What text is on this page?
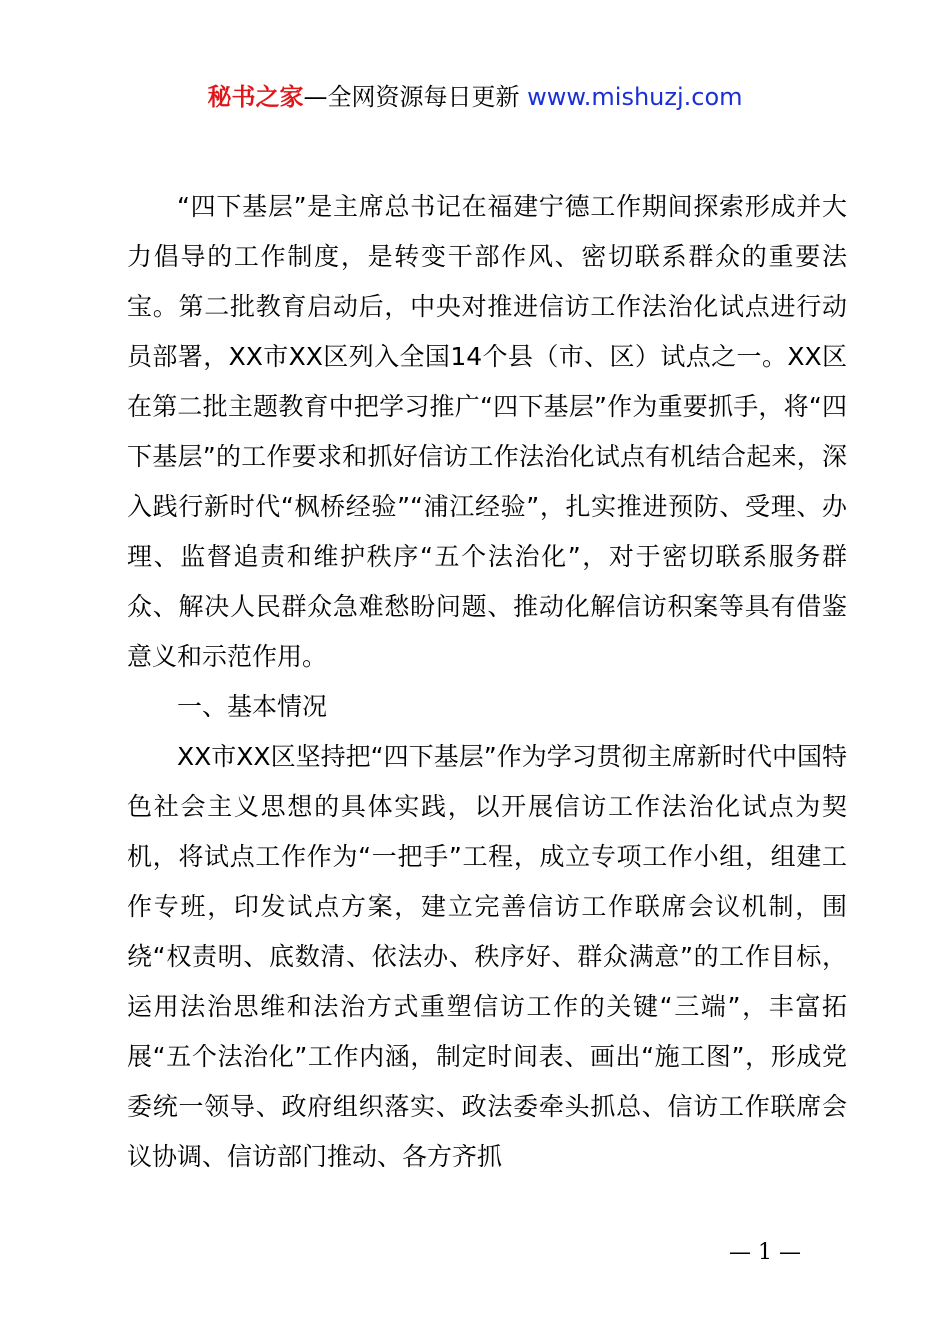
秘书之家—全网资源每日更新 www.mishuzj.com

“四下基层”是主席总书记在福建宁德工作期间探索形成并大力倡导的工作制度，是转变干部作风、密切联系群众的重要法宝。第二批教育启动后，中央对推进信访工作法治化试点进行动员部署，XX市XX区列入全国14个县（市、区）试点之一。XX区在第二批主题教育中把学习推广“四下基层”作为重要抓手，将“四下基层”的工作要求和抓好信访工作法治化试点有机结合起来，深入践行新时代“枫桥经验”“浦江经验”，扎实推进预防、受理、办理、监督追责和维护秩序“五个法治化”，对于密切联系服务群众、解决人民群众急难愁盼问题、推动化解信访积案等具有借鉴意义和示范作用。

一、基本情况

XX市XX区坚持把“四下基层”作为学习贯彻主席新时代中国特色社会主义思想的具体实践，以开展信访工作法治化试点为契机，将试点工作作为“一把手”工程，成立专项工作小组，组建工作专班，印发试点方案，建立完善信访工作联席会议机制，围绕“权责明、底数清、依法办、秩序好、群众满意”的工作目标，运用法治思维和法治方式重塑信访工作的关键“三端”，丰富拓展“五个法治化”工作内涵，制定时间表、画出“施工图”，形成党委统一领导、政府组织落实、政法委牵头抓总、信访工作联席会议协调、信访部门推动、各方齐抓

— 1 —
